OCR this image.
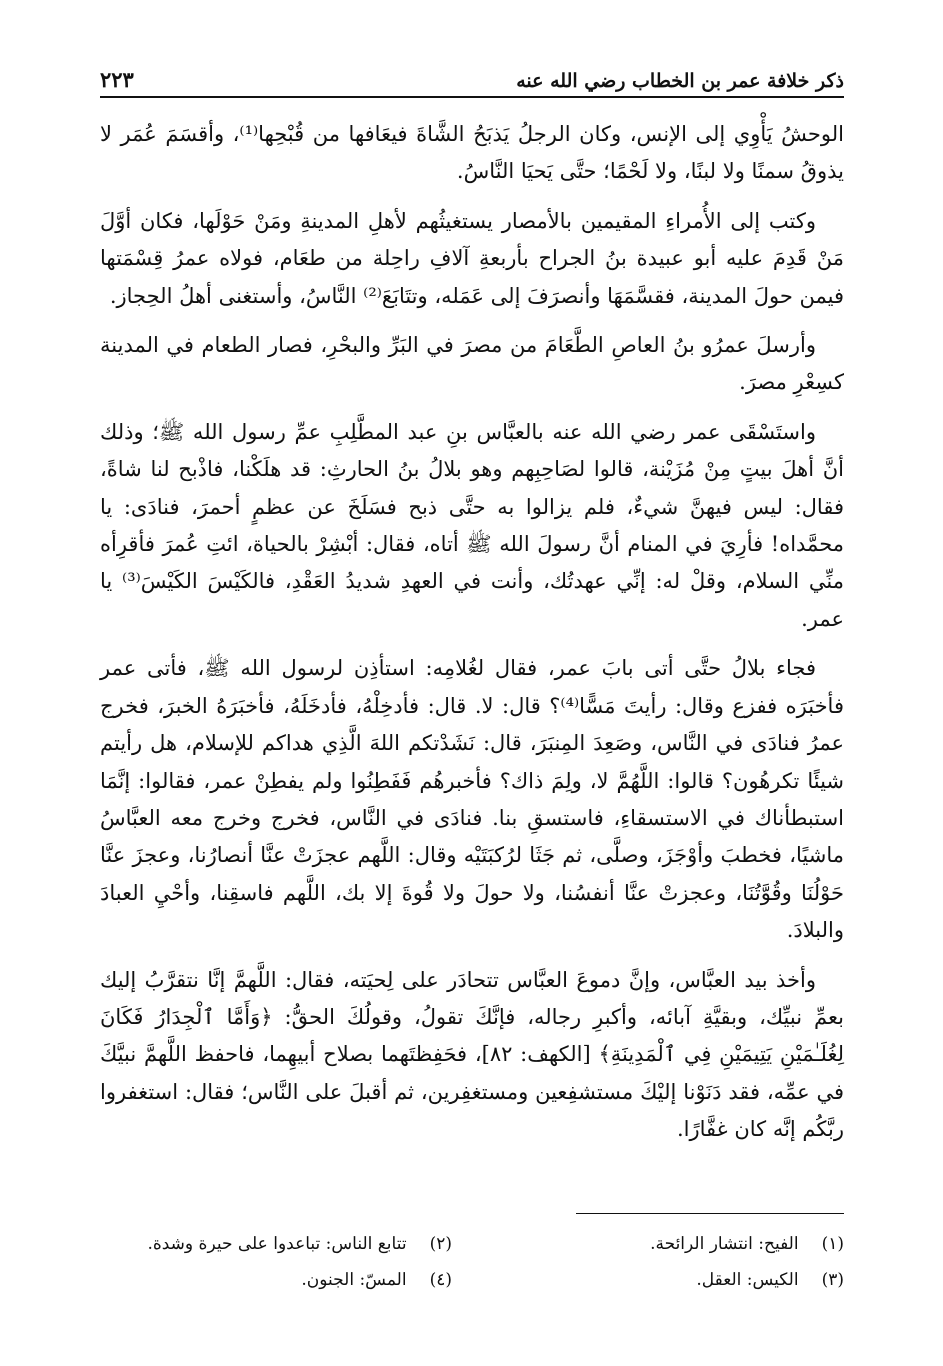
ذكر خلافة عمر بن الخطاب رضي الله عنه
٢٢٣

الوحشُ يَأْوِي إلى الإنس، وكان الرجلُ يَذبَحُ الشَّاةَ فيعَافها من قُبْحِها⁽¹⁾، وأقسَمَ عُمَر لا يذوقُ سمنًا ولا لبنًا، ولا لَحْمًا؛ حتَّى يَحيَا النَّاسُ.

وكتب إلى الأُمراءِ المقيمين بالأمصار يستغيثُهم لأهلِ المدينةِ ومَنْ حَوْلَها، فكان أوَّلَ مَنْ قَدِمَ عليه أبو عبيدة بنُ الجراح بأربعةِ آلافِ راحِلة من طعَام، فولاه عمرُ قِسْمَتها فيمن حولَ المدينة، فقسَّمَهَا وأنصرَفَ إلى عَمَله، وتتَابَعَ⁽²⁾ النَّاسُ، وأستغنى أهلُ الحِجاز.

وأرسلَ عمرُو بنُ العاصِ الطَّعَامَ من مصرَ في البَرِّ والبحْرِ، فصار الطعام في المدينة كسِعْرِ مصرَ.

واستَسْقَى عمر رضي الله عنه بالعبَّاس بنِ عبد المطَّلِبِ عمِّ رسول الله ﷺ؛ وذلك أنَّ أهلَ بيتٍ مِنْ مُزَيْنة، قالوا لصَاحِبِهم وهو بلالُ بنُ الحارثِ: قد هلَكْنا، فاذْبح لنا شاةً، فقال: ليس فيهنَّ شيءٌ، فلم يزالوا به حتَّى ذبح فسَلَخَ عن عظمٍ أحمرَ، فنادَى: يا محمَّداه! فأرِيَ في المنام أنَّ رسولَ الله ﷺ أتاه، فقال: أبْشِرْ بالحياة، ائتِ عُمرَ فأقرِأه منِّي السلام، وقلْ له: إنِّي عهدتُك، وأنت في العهدِ شديدُ العَقْدِ، فالكَيْسَ الكَيْسَ⁽³⁾ يا عمر.

فجاء بلالُ حتَّى أتى بابَ عمر، فقال لغُلامِه: استأذِن لرسول الله ﷺ، فأتى عمر فأخبَرَه ففزع وقال: رأيتَ مَسًّا⁽⁴⁾؟ قال: لا. قال: فأدخِلْهُ، فأدخَلَهُ، فأخبَرَهُ الخبرَ، فخرج عمرُ فنادَى في النَّاس، وصَعِدَ المِنبَرَ، قال: نَشَدْتكم اللهَ الَّذِي هداكم للإسلام، هل رأيتم شيئًا تكرهُون؟ قالوا: اللَّهُمَّ لا، ولِمَ ذاك؟ فأخبرهُم فَفَطِنُوا ولم يفطِنْ عمر، فقالوا: إنَّمَا استبطأناك في الاستسقاءِ، فاستسقِ بنا. فنادَى في النَّاس، فخرج وخرج معه العبَّاسُ ماشيًا، فخطبَ وأوْجَزَ، وصلَّى، ثم جَثَا لرُكبَتَيْه وقال: اللَّهم عجزَتْ عنَّا أنصارُنا، وعجزَ عنَّا حَوْلُنَا وقُوَّتُنَا، وعجزتْ عنَّا أنفسُنا، ولا حولَ ولا قُوةَ إلا بك، اللَّهم فاسقِنا، وأحْيِ العبادَ والبلادَ.

وأخذ بيد العبَّاس، وإنَّ دموعَ العبَّاس تتحادَر على لِحيَته، فقال: اللَّهمَّ إنَّا نتقرَّبُ إليك بعمِّ نبيِّك، وبقيَّةِ آبائه، وأكبرِ رجاله، فإنَّكَ تقولُ، وقولُكَ الحقُّ: ﴿وَأَمَّا ٱلْجِدَارُ فَكَانَ لِغُلَـٰمَيْنِ يَتِيمَيْنِ فِي ٱلْمَدِينَةِ﴾ [الكهف: ٨٢]، فحَفِظتَهما بصلاح أبيهِما، فاحفظ اللَّهمَّ نبيَّكَ في عمِّه، فقد دَنَوْنا إليْكَ مستشفِعين ومستغفِرين، ثم أقبلَ على النَّاس؛ فقال: استغفروا ربَّكُم إنَّه كان غفَّارًا.

(١) الفيح: انتشار الرائحة.
(٢) تتابع الناس: تباعدوا على حيرة وشدة.
(٣) الكيس: العقل.
(٤) المسّ: الجنون.
